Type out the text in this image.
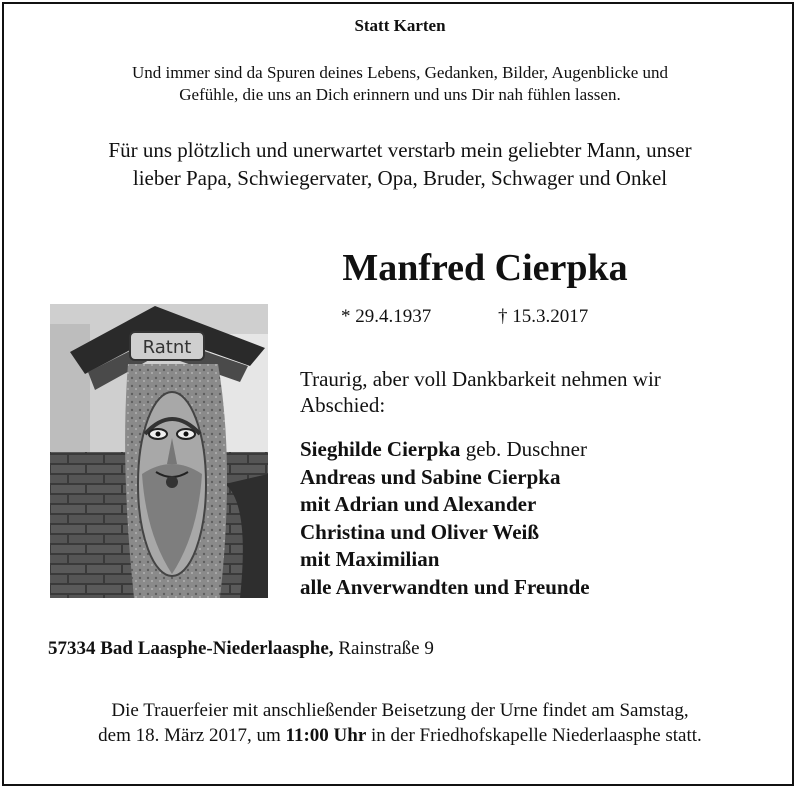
Statt Karten
Und immer sind da Spuren deines Lebens, Gedanken, Bilder, Augenblicke und
Gefühle, die uns an Dich erinnern und uns Dir nah fühlen lassen.
Für uns plötzlich und unerwartet verstarb mein geliebter Mann, unser
lieber Papa, Schwiegervater, Opa, Bruder, Schwager und Onkel
Manfred Cierpka
* 29.4.1937	† 15.3.2017
Ratnt
Traurig, aber voll Dankbarkeit nehmen wir
Abschied:
Sieghilde Cierpka geb. Duschner
Andreas und Sabine Cierpka
mit Adrian und Alexander
Christina und Oliver Weiß
mit Maximilian
alle Anverwandten und Freunde
57334 Bad Laasphe-Niederlaasphe, Rainstraße 9
Die Trauerfeier mit anschließender Beisetzung der Urne findet am Samstag,
dem 18. März 2017, um 11:00 Uhr in der Friedhofskapelle Niederlaasphe statt.
